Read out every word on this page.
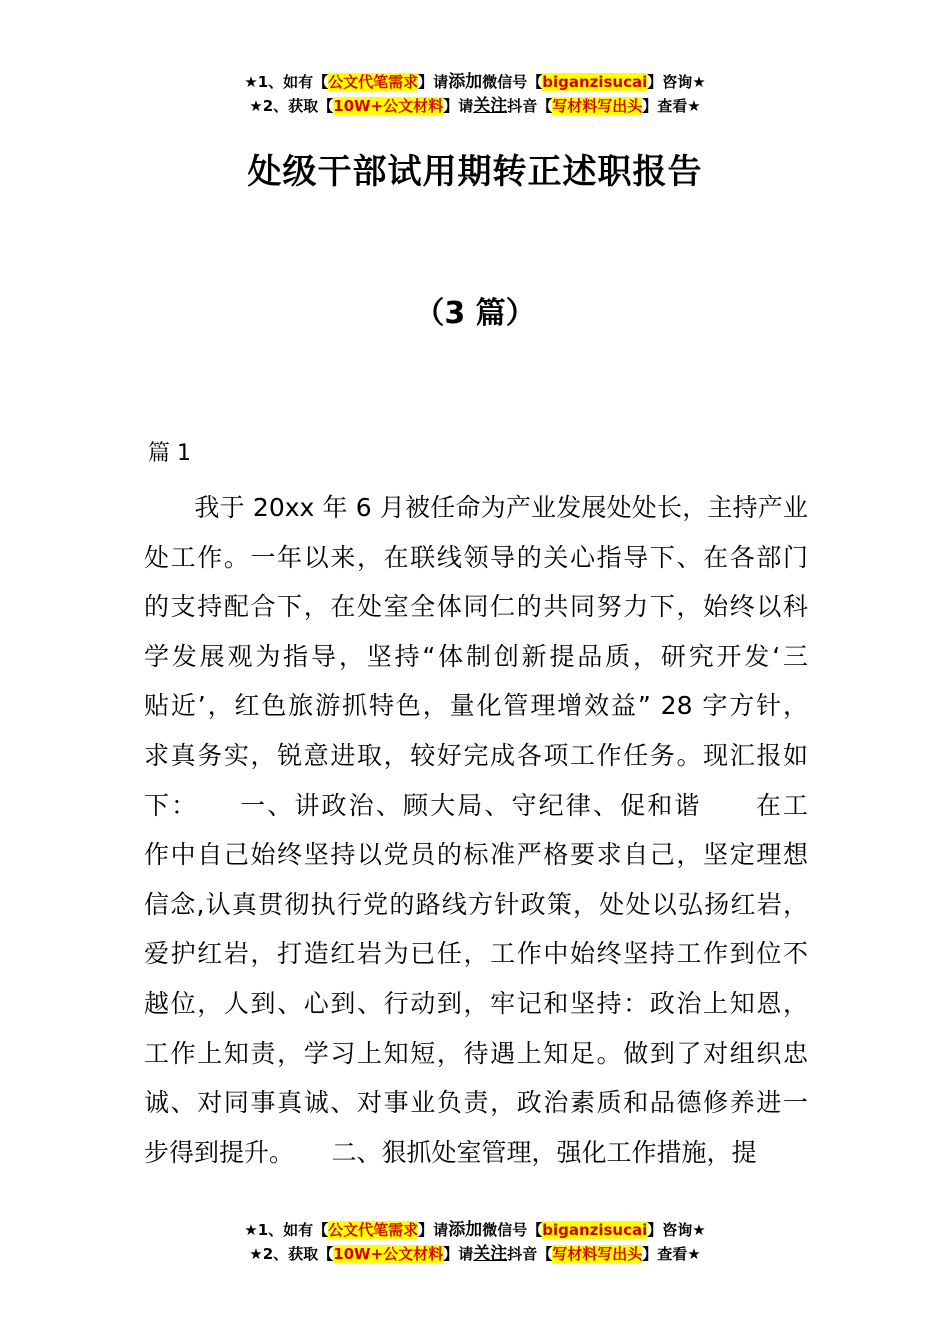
★1、如有【公文代笔需求】请添加微信号【biganzisucai】咨询★
★2、获取【10W+公文材料】请关注抖音【写材料写出头】查看★
处级干部试用期转正述职报告
（3 篇）
篇 1
　　我于 20xx 年 6 月被任命为产业发展处处长，主持产业
处工作。一年以来，在联线领导的关心指导下、在各部门
的支持配合下，在处室全体同仁的共同努力下，始终以科
学发展观为指导，坚持“体制创新提品质，研究开发‘三
贴近’，红色旅游抓特色，量化管理增效益” 28 字方针，
求真务实，锐意进取，较好完成各项工作任务。现汇报如
下：　　一、讲政治、顾大局、守纪律、促和谐　　在工
作中自己始终坚持以党员的标准严格要求自己，坚定理想
信念,认真贯彻执行党的路线方针政策，处处以弘扬红岩，
爱护红岩，打造红岩为已任，工作中始终坚持工作到位不
越位，人到、心到、行动到，牢记和坚持：政治上知恩，
工作上知责，学习上知短，待遇上知足。做到了对组织忠
诚、对同事真诚、对事业负责，政治素质和品德修养进一
步得到提升。　　二、狠抓处室管理，强化工作措施，提
★1、如有【公文代笔需求】请添加微信号【biganzisucai】咨询★
★2、获取【10W+公文材料】请关注抖音【写材料写出头】查看★
